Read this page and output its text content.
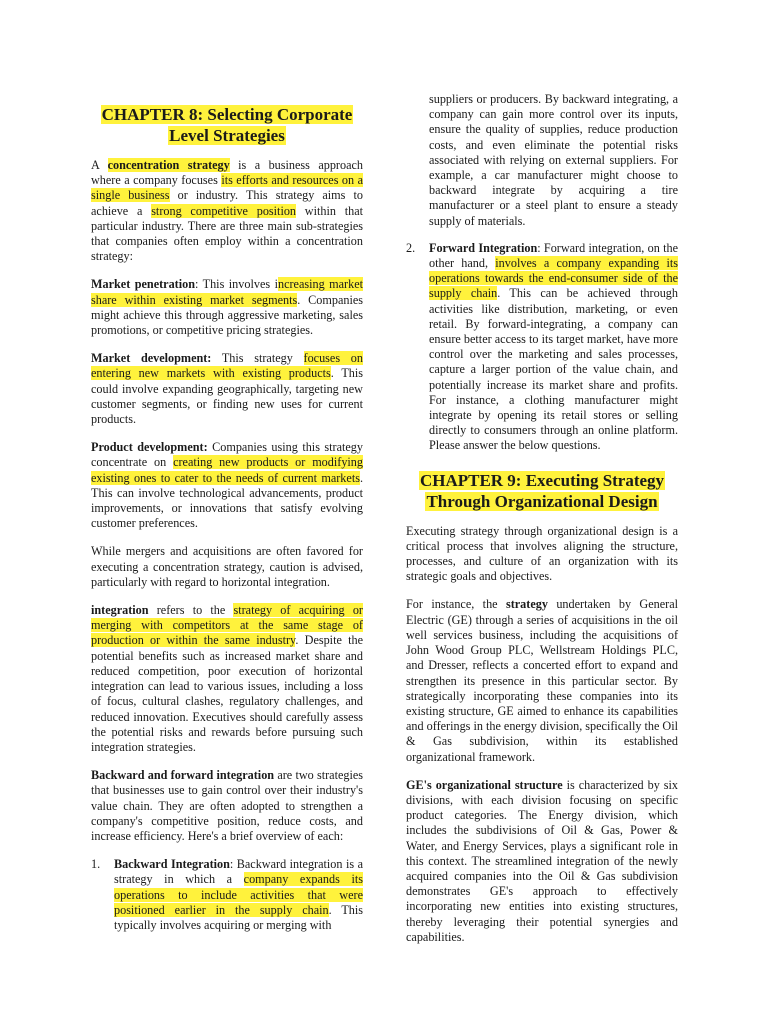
CHAPTER 8: Selecting Corporate
Level Strategies

A concentration strategy is a business approach where a company focuses its efforts and resources on a single business or industry. This strategy aims to achieve a strong competitive position within that particular industry. There are three main sub-strategies that companies often employ within a concentration strategy:

Market penetration: This involves increasing market share within existing market segments. Companies might achieve this through aggressive marketing, sales promotions, or competitive pricing strategies.

Market development: This strategy focuses on entering new markets with existing products. This could involve expanding geographically, targeting new customer segments, or finding new uses for current products.

Product development: Companies using this strategy concentrate on creating new products or modifying existing ones to cater to the needs of current markets. This can involve technological advancements, product improvements, or innovations that satisfy evolving customer preferences.

While mergers and acquisitions are often favored for executing a concentration strategy, caution is advised, particularly with regard to horizontal integration.

integration refers to the strategy of acquiring or merging with competitors at the same stage of production or within the same industry. Despite the potential benefits such as increased market share and reduced competition, poor execution of horizontal integration can lead to various issues, including a loss of focus, cultural clashes, regulatory challenges, and reduced innovation. Executives should carefully assess the potential risks and rewards before pursuing such integration strategies.

Backward and forward integration are two strategies that businesses use to gain control over their industry's value chain. They are often adopted to strengthen a company's competitive position, reduce costs, and increase efficiency. Here's a brief overview of each:

1. Backward Integration: Backward integration is a strategy in which a company expands its operations to include activities that were positioned earlier in the supply chain. This typically involves acquiring or merging with

suppliers or producers. By backward integrating, a company can gain more control over its inputs, ensure the quality of supplies, reduce production costs, and even eliminate the potential risks associated with relying on external suppliers. For example, a car manufacturer might choose to backward integrate by acquiring a tire manufacturer or a steel plant to ensure a steady supply of materials.

2. Forward Integration: Forward integration, on the other hand, involves a company expanding its operations towards the end-consumer side of the supply chain. This can be achieved through activities like distribution, marketing, or even retail. By forward-integrating, a company can ensure better access to its target market, have more control over the marketing and sales processes, capture a larger portion of the value chain, and potentially increase its market share and profits. For instance, a clothing manufacturer might integrate by opening its retail stores or selling directly to consumers through an online platform. Please answer the below questions.
CHAPTER 9: Executing Strategy
Through Organizational Design

Executing strategy through organizational design is a critical process that involves aligning the structure, processes, and culture of an organization with its strategic goals and objectives.

For instance, the strategy undertaken by General Electric (GE) through a series of acquisitions in the oil well services business, including the acquisitions of John Wood Group PLC, Wellstream Holdings PLC, and Dresser, reflects a concerted effort to expand and strengthen its presence in this particular sector. By strategically incorporating these companies into its existing structure, GE aimed to enhance its capabilities and offerings in the energy division, specifically the Oil & Gas subdivision, within its established organizational framework.

GE's organizational structure is characterized by six divisions, with each division focusing on specific product categories. The Energy division, which includes the subdivisions of Oil & Gas, Power & Water, and Energy Services, plays a significant role in this context. The streamlined integration of the newly acquired companies into the Oil & Gas subdivision demonstrates GE's approach to effectively incorporating new entities into existing structures, thereby leveraging their potential synergies and capabilities.
